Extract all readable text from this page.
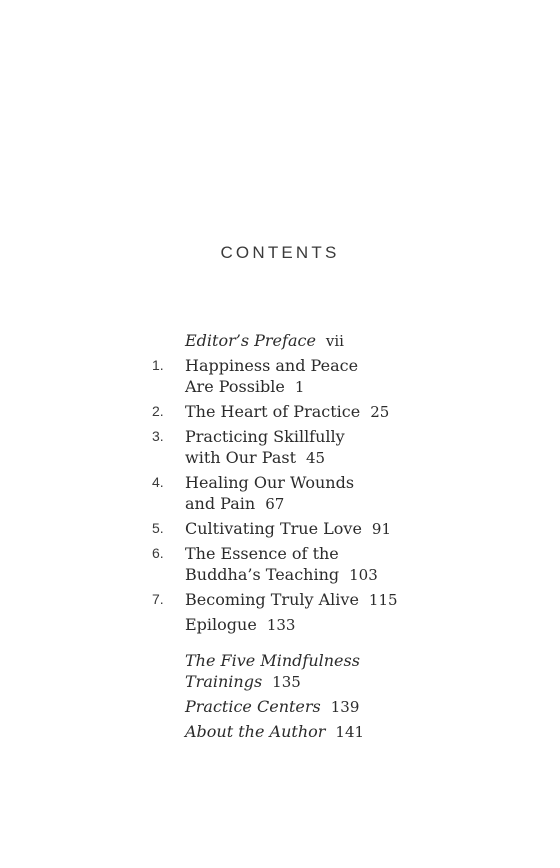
CONTENTS
Editor’s Preface vii
1. Happiness and Peace
Are Possible 1
2. The Heart of Practice 25
3. Practicing Skillfully
with Our Past 45
4. Healing Our Wounds
and Pain 67
5. Cultivating True Love 91
6. The Essence of the
Buddha’s Teaching 103
7. Becoming Truly Alive 115
Epilogue 133
The Five Mindfulness
Trainings 135
Practice Centers 139
About the Author 141
